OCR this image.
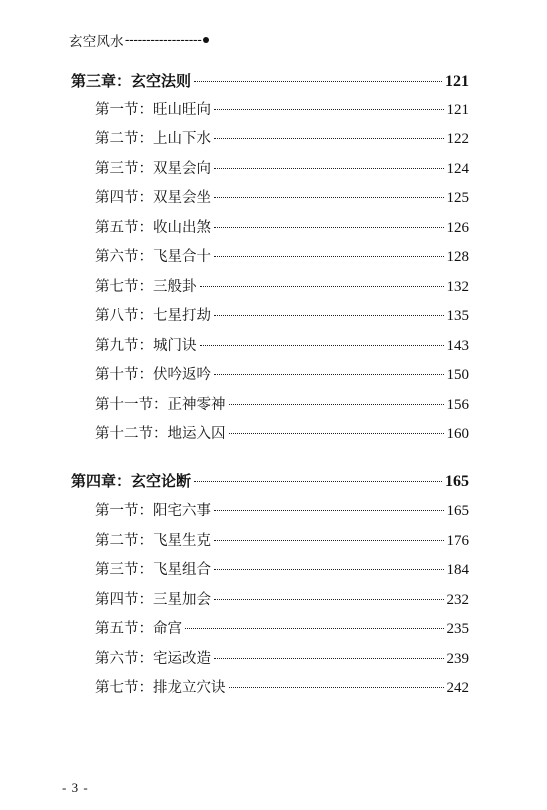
玄空风水 ------------------
第三章： 玄空法则	121
第一节： 旺山旺向	121
第二节： 上山下水	122
第三节： 双星会向	124
第四节： 双星会坐	125
第五节： 收山出煞	126
第六节： 飞星合十	128
第七节： 三般卦	132
第八节： 七星打劫	135
第九节： 城门诀	143
第十节： 伏吟返吟	150
第十一节： 正神零神	156
第十二节： 地运入囚	160
第四章： 玄空论断	165
第一节： 阳宅六事	165
第二节： 飞星生克	176
第三节： 飞星组合	184
第四节： 三星加会	232
第五节： 命宫	235
第六节： 宅运改造	239
第七节： 排龙立穴诀	242
- 3 -
